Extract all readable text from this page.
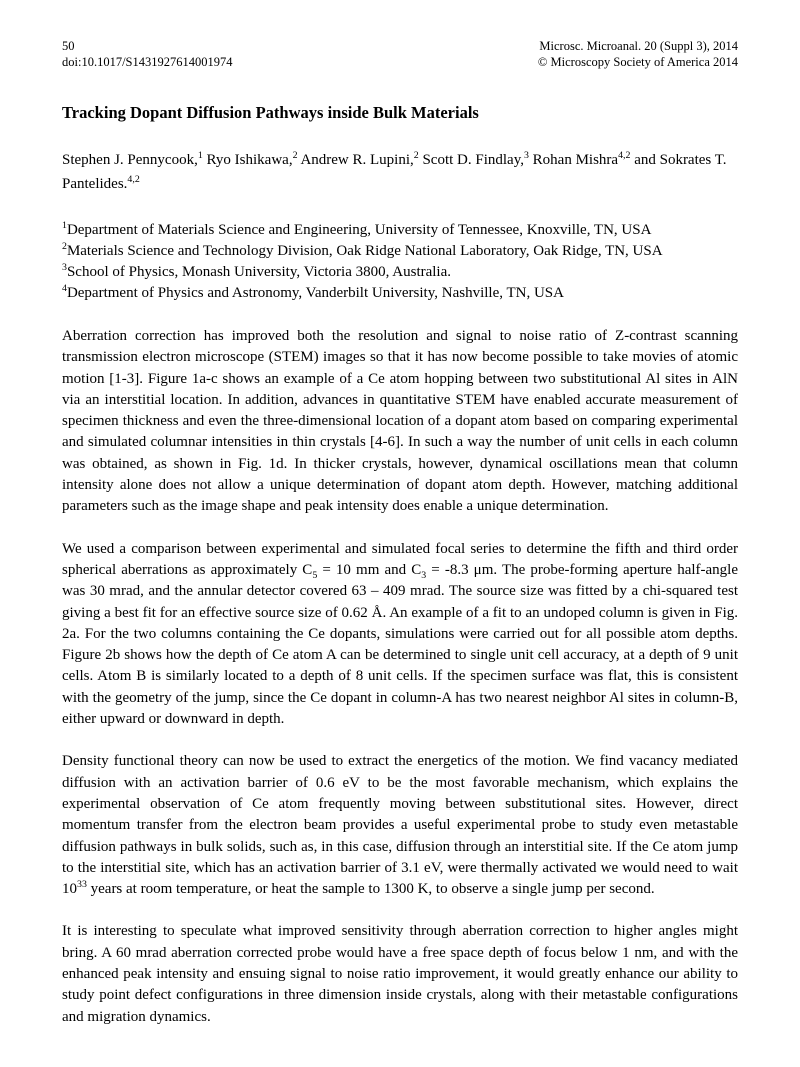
50
doi:10.1017/S1431927614001974
Microsc. Microanal. 20 (Suppl 3), 2014
© Microscopy Society of America 2014
Tracking Dopant Diffusion Pathways inside Bulk Materials

Stephen J. Pennycook,$^1$ Ryo Ishikawa,$^2$ Andrew R. Lupini,$^2$ Scott D. Findlay,$^3$ Rohan Mishra$^{4,2}$ and Sokrates T. Pantelides.$^{4,2}$

$^1$Department of Materials Science and Engineering, University of Tennessee, Knoxville, TN, USA

$^2$Materials Science and Technology Division, Oak Ridge National Laboratory, Oak Ridge, TN, USA

$^3$School of Physics, Monash University, Victoria 3800, Australia.

$^4$Department of Physics and Astronomy, Vanderbilt University, Nashville, TN, USA

Aberration correction has improved both the resolution and signal to noise ratio of Z-contrast scanning transmission electron microscope (STEM) images so that it has now become possible to take movies of atomic motion [1-3]. Figure 1a-c shows an example of a Ce atom hopping between two substitutional Al sites in AlN via an interstitial location. In addition, advances in quantitative STEM have enabled accurate measurement of specimen thickness and even the three-dimensional location of a dopant atom based on comparing experimental and simulated columnar intensities in thin crystals [4-6]. In such a way the number of unit cells in each column was obtained, as shown in Fig. 1d. In thicker crystals, however, dynamical oscillations mean that column intensity alone does not allow a unique determination of dopant atom depth. However, matching additional parameters such as the image shape and peak intensity does enable a unique determination.

We used a comparison between experimental and simulated focal series to determine the fifth and third order spherical aberrations as approximately $C_5 = 10$ mm and $C_3 = -8.3$ μm. The probe-forming aperture half-angle was 30 mrad, and the annular detector covered 63 – 409 mrad. The source size was fitted by a chi-squared test giving a best fit for an effective source size of 0.62 Å. An example of a fit to an undoped column is given in Fig. 2a. For the two columns containing the Ce dopants, simulations were carried out for all possible atom depths. Figure 2b shows how the depth of Ce atom A can be determined to single unit cell accuracy, at a depth of 9 unit cells. Atom B is similarly located to a depth of 8 unit cells. If the specimen surface was flat, this is consistent with the geometry of the jump, since the Ce dopant in column-A has two nearest neighbor Al sites in column-B, either upward or downward in depth.

Density functional theory can now be used to extract the energetics of the motion. We find vacancy mediated diffusion with an activation barrier of 0.6 eV to be the most favorable mechanism, which explains the experimental observation of Ce atom frequently moving between substitutional sites. However, direct momentum transfer from the electron beam provides a useful experimental probe to study even metastable diffusion pathways in bulk solids, such as, in this case, diffusion through an interstitial site. If the Ce atom jump to the interstitial site, which has an activation barrier of 3.1 eV, were thermally activated we would need to wait $10^{33}$ years at room temperature, or heat the sample to 1300 K, to observe a single jump per second.

It is interesting to speculate what improved sensitivity through aberration correction to higher angles might bring. A 60 mrad aberration corrected probe would have a free space depth of focus below 1 nm, and with the enhanced peak intensity and ensuing signal to noise ratio improvement, it would greatly enhance our ability to study point defect configurations in three dimension inside crystals, along with their metastable configurations and migration dynamics.
